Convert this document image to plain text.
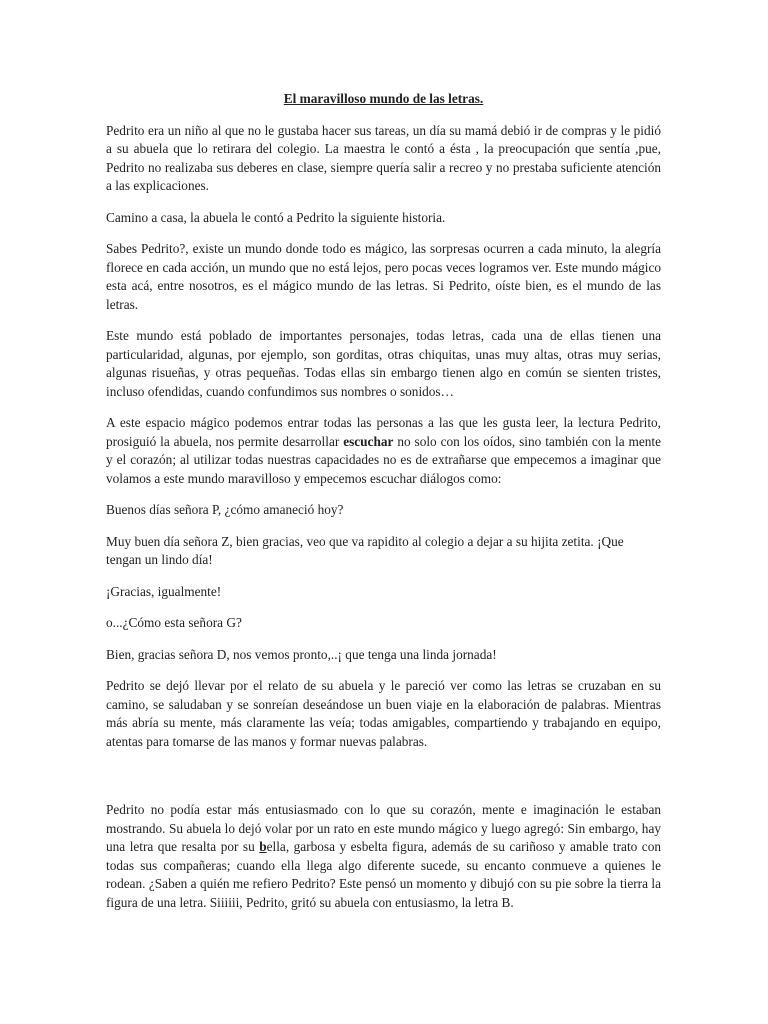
El maravilloso mundo de las letras.

Pedrito era un niño al que no le gustaba hacer sus tareas, un día su mamá debió ir de compras y le pidió a su abuela que lo retirara del colegio. La maestra le contó a ésta , la preocupación que sentía ,pue, Pedrito no realizaba sus deberes en clase, siempre quería salir a recreo y no prestaba suficiente atención a las explicaciones.

Camino a casa, la abuela le contó a Pedrito la siguiente historia.

Sabes Pedrito?, existe un mundo donde todo es mágico, las sorpresas ocurren a cada minuto, la alegría florece en cada acción, un mundo que no está lejos, pero pocas veces logramos ver. Este mundo mágico esta acá, entre nosotros, es el mágico mundo de las letras. Si Pedrito, oíste bien, es el mundo de las letras.

Este mundo está poblado de importantes personajes, todas letras, cada una de ellas tienen una particularidad, algunas, por ejemplo, son gorditas, otras chiquitas, unas muy altas, otras muy serias, algunas risueñas, y otras pequeñas. Todas ellas sin embargo tienen algo en común se sienten tristes, incluso ofendidas, cuando confundimos sus nombres o sonidos…

A este espacio mágico podemos entrar todas las personas a las que les gusta leer, la lectura Pedrito, prosiguió la abuela, nos permite desarrollar escuchar no solo con los oídos, sino también con la mente y el corazón; al utilizar todas nuestras capacidades no es de extrañarse que empecemos a imaginar que volamos a este mundo maravilloso y empecemos escuchar diálogos como:

Buenos días señora P, ¿cómo amaneció hoy?

Muy buen día señora Z, bien gracias, veo que va rapidito al colegio a dejar a su hijita zetita. ¡Que tengan un lindo día!

¡Gracias, igualmente!

o...¿Cómo esta señora G?

Bien, gracias señora D, nos vemos pronto,..¡ que tenga una linda jornada!

Pedrito se dejó llevar por el relato de su abuela y le pareció ver como las letras se cruzaban en su camino, se saludaban y se sonreían deseándose un buen viaje en la elaboración de palabras. Mientras más abría su mente, más claramente las veía; todas amigables, compartiendo y trabajando en equipo, atentas para tomarse de las manos y formar nuevas palabras.

Pedrito no podía estar más entusiasmado con lo que su corazón, mente e imaginación le estaban mostrando. Su abuela lo dejó volar por un rato en este mundo mágico y luego agregó: Sin embargo, hay una letra que resalta por su bella, garbosa y esbelta figura, además de su cariñoso y amable trato con todas sus compañeras; cuando ella llega algo diferente sucede, su encanto conmueve a quienes le rodean. ¿Saben a quién me refiero Pedrito? Este pensó un momento y dibujó con su pie sobre la tierra la figura de una letra. Siiiiii, Pedrito, gritó su abuela con entusiasmo, la letra B.
